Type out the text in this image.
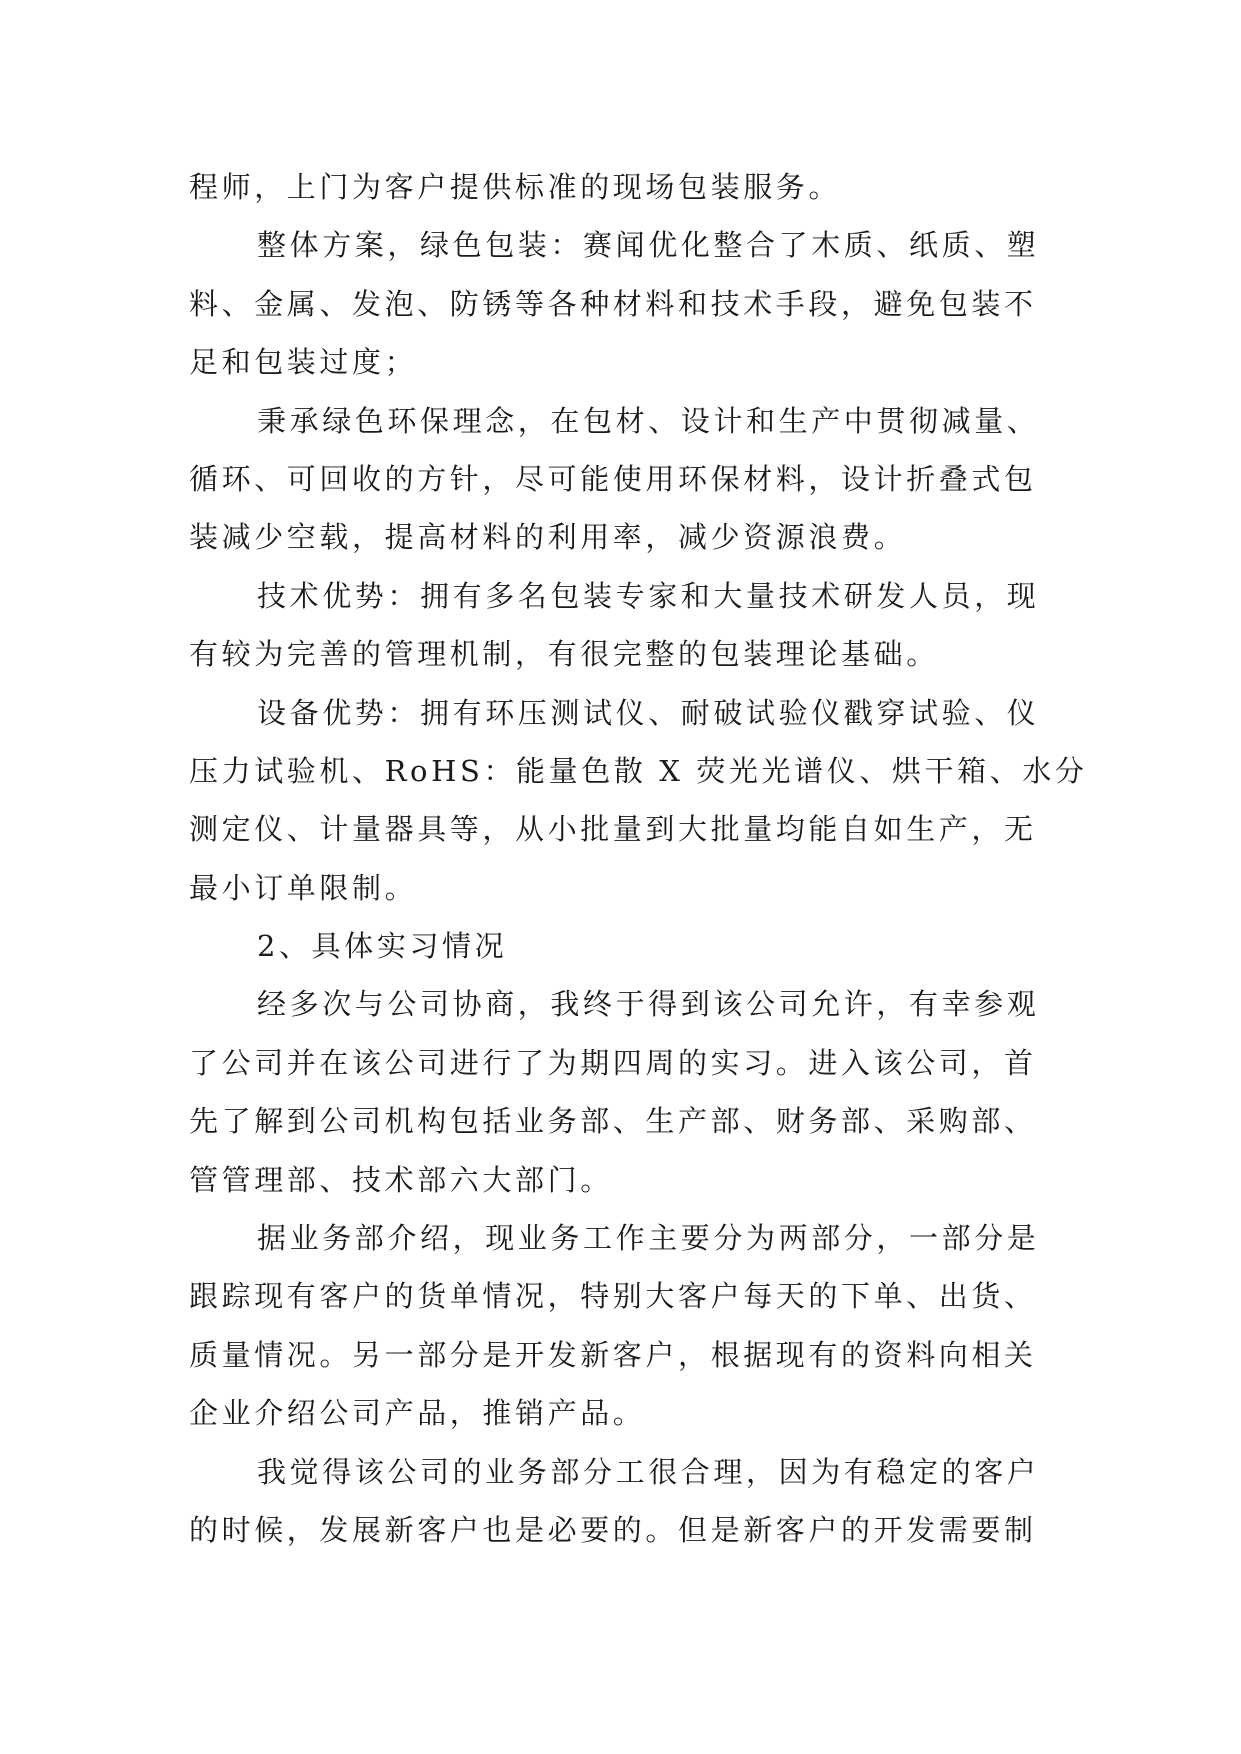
程师，上门为客户提供标准的现场包装服务。

整体方案，绿色包装：赛闻优化整合了木质、纸质、塑

料、金属、发泡、防锈等各种材料和技术手段，避免包装不

足和包装过度；

秉承绿色环保理念，在包材、设计和生产中贯彻减量、

循环、可回收的方针，尽可能使用环保材料，设计折叠式包

装减少空载，提高材料的利用率，减少资源浪费。

技术优势：拥有多名包装专家和大量技术研发人员，现

有较为完善的管理机制，有很完整的包装理论基础。

设备优势：拥有环压测试仪、耐破试验仪戳穿试验、仪

压力试验机、RoHS：能量色散 X 荧光光谱仪、烘干箱、水分

测定仪、计量器具等，从小批量到大批量均能自如生产，无

最小订单限制。

2、具体实习情况

经多次与公司协商，我终于得到该公司允许，有幸参观

了公司并在该公司进行了为期四周的实习。进入该公司，首

先了解到公司机构包括业务部、生产部、财务部、采购部、

管管理部、技术部六大部门。

据业务部介绍，现业务工作主要分为两部分，一部分是

跟踪现有客户的货单情况，特别大客户每天的下单、出货、

质量情况。另一部分是开发新客户，根据现有的资料向相关

企业介绍公司产品，推销产品。

我觉得该公司的业务部分工很合理，因为有稳定的客户

的时候，发展新客户也是必要的。但是新客户的开发需要制
